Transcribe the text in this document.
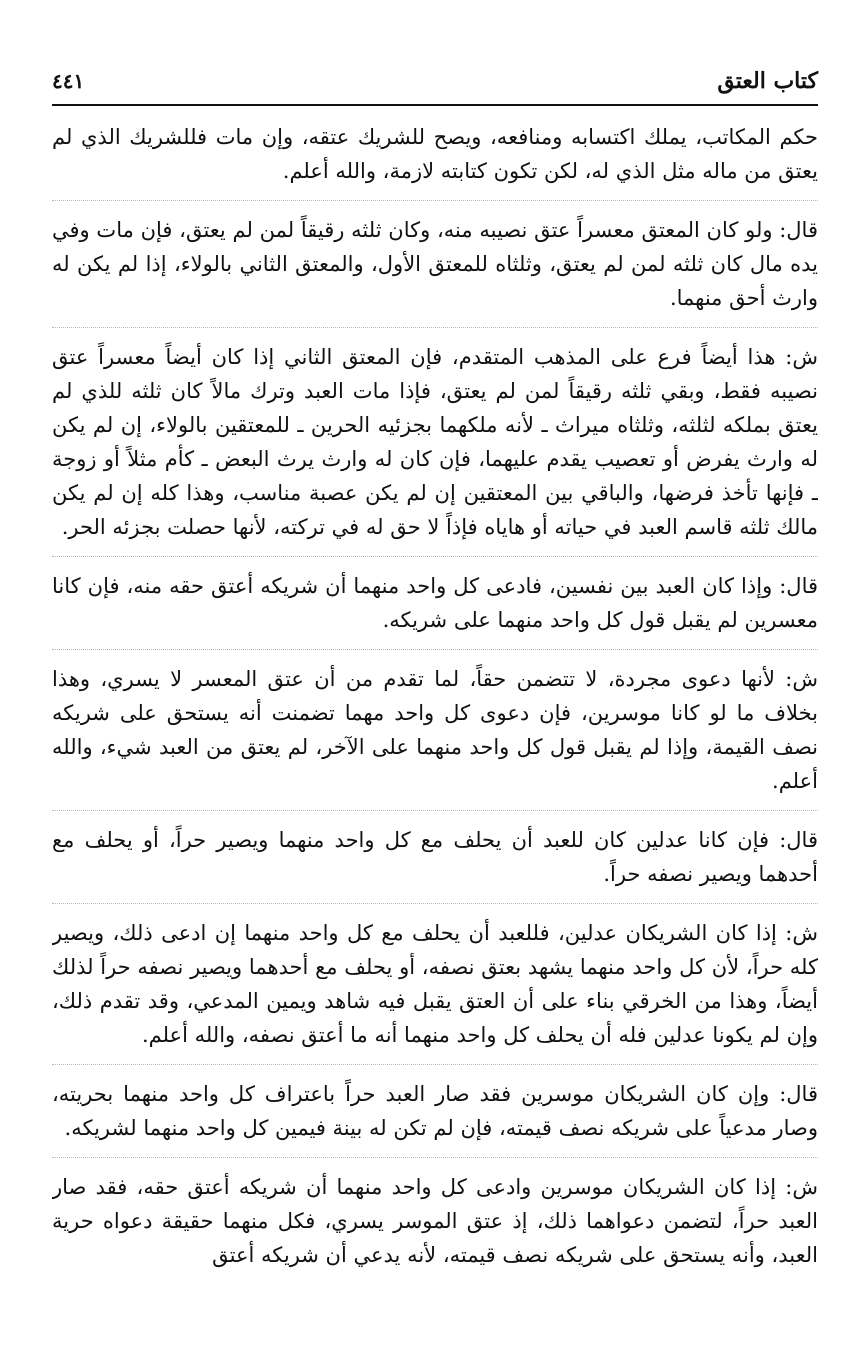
كتاب العتق
٤٤١

حكم المكاتب، يملك اكتسابه ومنافعه، ويصح للشريك عتقه، وإن مات فللشريك الذي لم يعتق من ماله مثل الذي له، لكن تكون كتابته لازمة، والله أعلم.

قال: ولو كان المعتق معسراً عتق نصيبه منه، وكان ثلثه رقيقاً لمن لم يعتق، فإن مات وفي يده مال كان ثلثه لمن لم يعتق، وثلثاه للمعتق الأول، والمعتق الثاني بالولاء، إذا لم يكن له وارث أحق منهما.

ش: هذا أيضاً فرع على المذهب المتقدم، فإن المعتق الثاني إذا كان أيضاً معسراً عتق نصيبه فقط، وبقي ثلثه رقيقاً لمن لم يعتق، فإذا مات العبد وترك مالاً كان ثلثه للذي لم يعتق بملكه لثلثه، وثلثاه ميراث ـ لأنه ملكهما بجزئيه الحرين ـ للمعتقين بالولاء، إن لم يكن له وارث يفرض أو تعصيب يقدم عليهما، فإن كان له وارث يرث البعض ـ كأم مثلاً أو زوجة ـ فإنها تأخذ فرضها، والباقي بين المعتقين إن لم يكن عصبة مناسب، وهذا كله إن لم يكن مالك ثلثه قاسم العبد في حياته أو هاياه فإذاً لا حق له في تركته، لأنها حصلت بجزئه الحر.

قال: وإذا كان العبد بين نفسين، فادعى كل واحد منهما أن شريكه أعتق حقه منه، فإن كانا معسرين لم يقبل قول كل واحد منهما على شريكه.

ش: لأنها دعوى مجردة، لا تتضمن حقاً، لما تقدم من أن عتق المعسر لا يسري، وهذا بخلاف ما لو كانا موسرين، فإن دعوى كل واحد مهما تضمنت أنه يستحق على شريكه نصف القيمة، وإذا لم يقبل قول كل واحد منهما على الآخر، لم يعتق من العبد شيء، والله أعلم.

قال: فإن كانا عدلين كان للعبد أن يحلف مع كل واحد منهما ويصير حراً، أو يحلف مع أحدهما ويصير نصفه حراً.

ش: إذا كان الشريكان عدلين، فللعبد أن يحلف مع كل واحد منهما إن ادعى ذلك، ويصير كله حراً، لأن كل واحد منهما يشهد بعتق نصفه، أو يحلف مع أحدهما ويصير نصفه حراً لذلك أيضاً، وهذا من الخرقي بناء على أن العتق يقبل فيه شاهد ويمين المدعي، وقد تقدم ذلك، وإن لم يكونا عدلين فله أن يحلف كل واحد منهما أنه ما أعتق نصفه، والله أعلم.

قال: وإن كان الشريكان موسرين فقد صار العبد حراً باعتراف كل واحد منهما بحريته، وصار مدعياً على شريكه نصف قيمته، فإن لم تكن له بينة فيمين كل واحد منهما لشريكه.

ش: إذا كان الشريكان موسرين وادعى كل واحد منهما أن شريكه أعتق حقه، فقد صار العبد حراً، لتضمن دعواهما ذلك، إذ عتق الموسر يسري، فكل منهما حقيقة دعواه حرية العبد، وأنه يستحق على شريكه نصف قيمته، لأنه يدعي أن شريكه أعتق
